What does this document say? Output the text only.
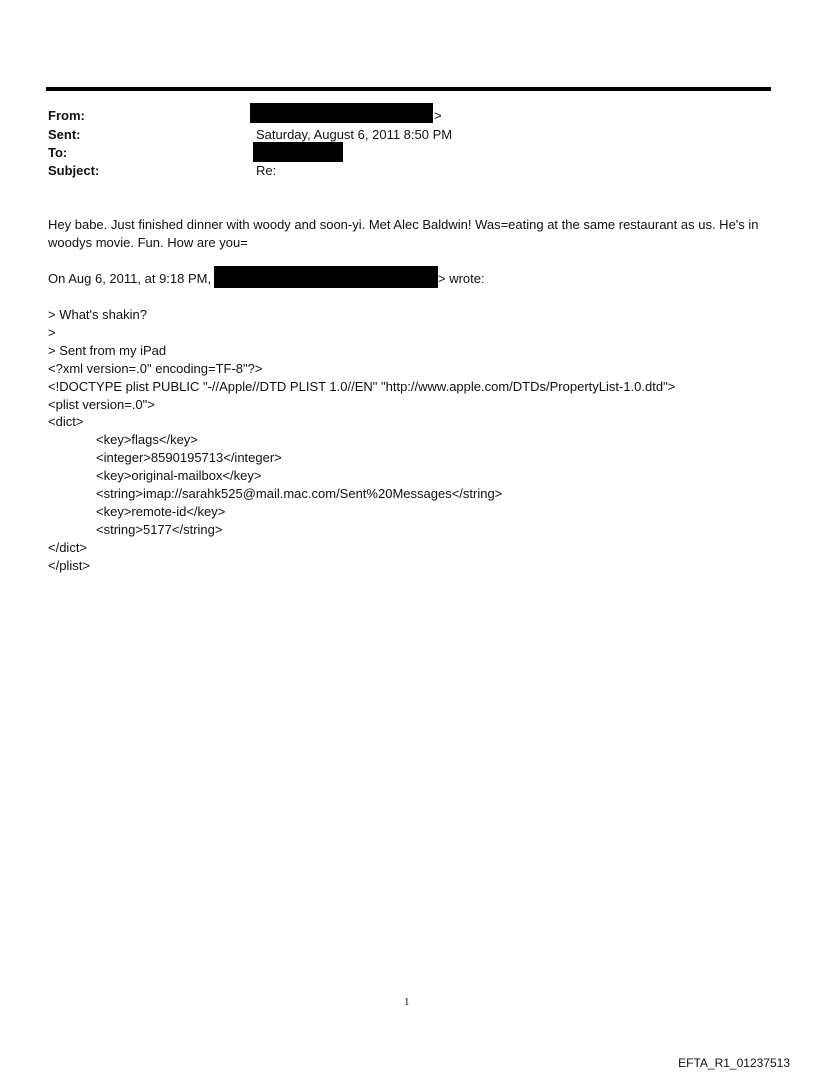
From:	>
Sent:	Saturday, August 6, 2011 8:50 PM
To:
Subject:	Re:
Hey babe. Just finished dinner with woody and soon-yi. Met Alec Baldwin! Was=eating at the same restaurant as us. He's in woodys movie. Fun. How are you=
On Aug 6, 2011, at 9:18 PM,	> wrote:
> What's shakin?
>
> Sent from my iPad
<?xml version=.0" encoding=TF-8"?>
<!DOCTYPE plist PUBLIC "-//Apple//DTD PLIST 1.0//EN" "http://www.apple.com/DTDs/PropertyList-1.0.dtd">
<plist version=.0">
<dict>
<key>flags</key>
<integer>8590195713</integer>
<key>original-mailbox</key>
<string>imap://sarahk525@mail.mac.com/Sent%20Messages</string>
<key>remote-id</key>
<string>5177</string>
</dict>
</plist>
1
EFTA_R1_01237513
